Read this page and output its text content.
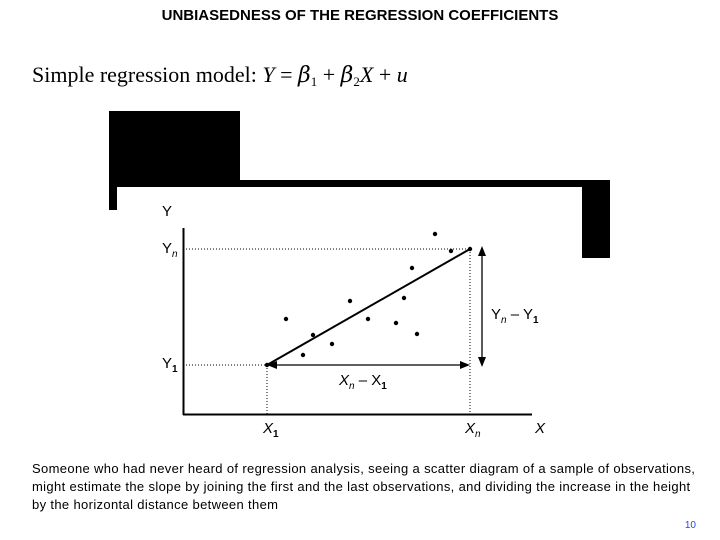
UNBIASEDNESS OF THE REGRESSION COEFFICIENTS
Simple regression model: $Y = \beta_1 + \beta_2X + u$
Y
$Y_n$
$Y_1$
$Y_n - Y_1$
$X_n - X_1$
$X_1$	$X_n$	X
Someone who had never heard of regression analysis, seeing a scatter diagram of a sample of observations, might estimate the slope by joining the first and the last observations, and dividing the increase in the height by the horizontal distance between them
10
